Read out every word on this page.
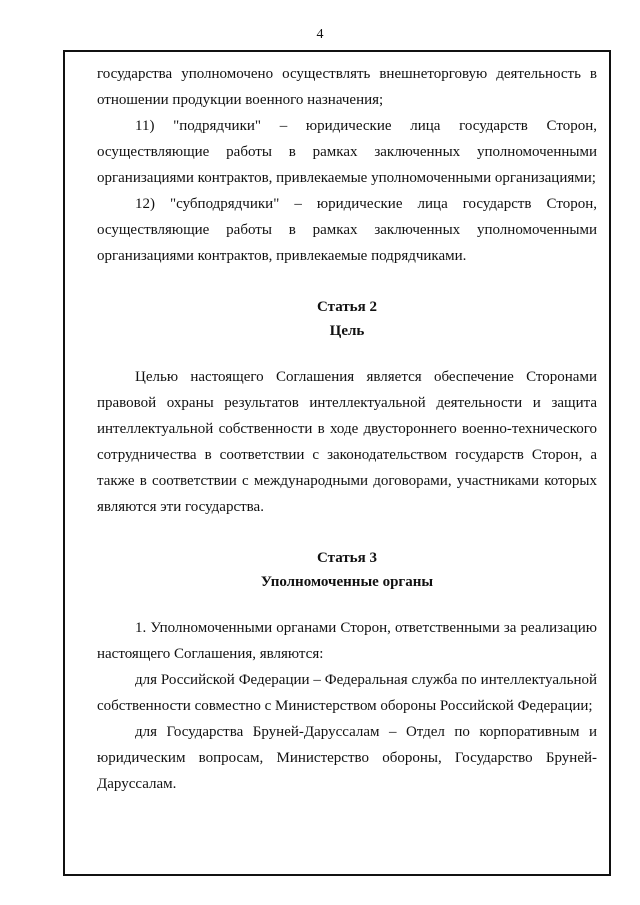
4

государства уполномочено осуществлять внешнеторговую деятельность в отношении продукции военного назначения;

11) "подрядчики" – юридические лица государств Сторон, осуществляющие работы в рамках заключенных уполномоченными организациями контрактов, привлекаемые уполномоченными организациями;

12) "субподрядчики" – юридические лица государств Сторон, осуществляющие работы в рамках заключенных уполномоченными организациями контрактов, привлекаемые подрядчиками.

Статья 2

Цель

Целью настоящего Соглашения является обеспечение Сторонами правовой охраны результатов интеллектуальной деятельности и защита интеллектуальной собственности в ходе двустороннего военно-технического сотрудничества в соответствии с законодательством государств Сторон, а также в соответствии с международными договорами, участниками которых являются эти государства.

Статья 3

Уполномоченные органы

1. Уполномоченными органами Сторон, ответственными за реализацию настоящего Соглашения, являются:

для Российской Федерации – Федеральная служба по интеллектуальной собственности совместно с Министерством обороны Российской Федерации;

для Государства Бруней-Даруссалам – Отдел по корпоративным и юридическим вопросам, Министерство обороны, Государство Бруней-Даруссалам.
